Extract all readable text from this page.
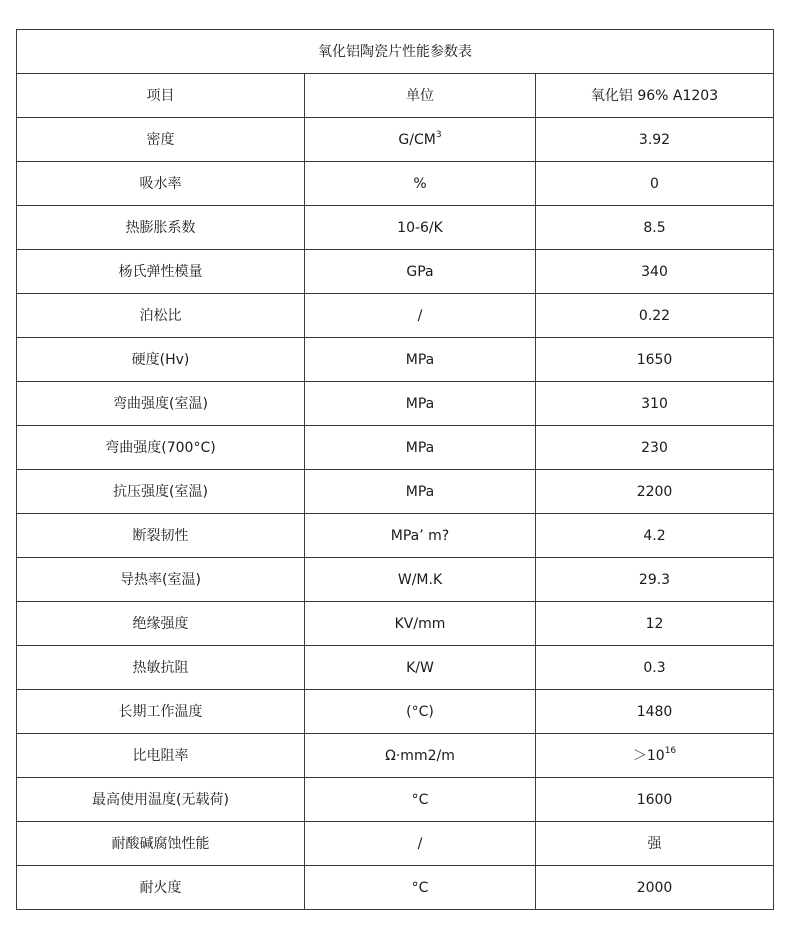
氧化铝陶瓷片性能参数表		
项目	单位	氧化铝 96% A1203
密度	$G/CM^3$	3.92
吸水率	%	0
热膨胀系数	10-6/K	8.5
杨氏弹性模量	GPa	340
泊松比	/	0.22
硬度(Hv)	MPa	1650
弯曲强度(室温)	MPa	310
弯曲强度(700°C)	MPa	230
抗压强度(室温)	MPa	2200
断裂韧性	MPa’ m?	4.2
导热率(室温)	W/M.K	29.3
绝缘强度	KV/mm	12
热敏抗阻	K/W	0.3
长期工作温度	(°C)	1480
比电阻率	Ω·mm2/m	$>10^{16}$
最高使用温度(无载荷)	°C	1600
耐酸碱腐蚀性能	/	强
耐火度	°C	2000
